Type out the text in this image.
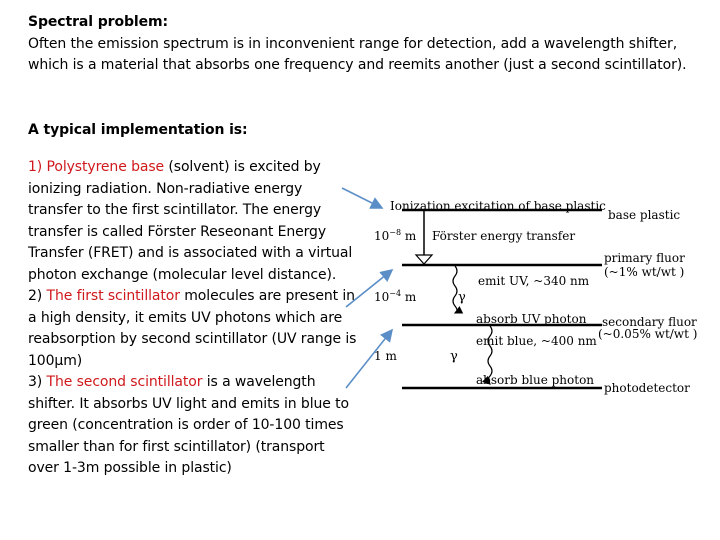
Spectral problem:
Often the emission spectrum is in inconvenient range for detection, add a wavelength shifter, which is a material that absorbs one frequency and reemits another (just a second scintillator).
A typical implementation is:
1) Polystyrene base (solvent) is excited by ionizing radiation. Non-radiative energy transfer to the first scintillator. The energy transfer is called Förster Reseonant Energy Transfer (FRET) and is associated with a virtual photon exchange (molecular level distance).
2) The first scintillator molecules are present in a high density, it emits UV photons which are reabsorption by second scintillator (UV range is 100µm)
3) The second scintillator is a wavelength shifter. It absorbs UV light and emits in blue to green (concentration is order of 10-100 times smaller than for first scintillator) (transport over 1-3m possible in plastic)
Ionization excitation of base plastic
Förster energy transfer
emit UV, ~340 nm
absorb UV photon
emit blue, ~400 nm
absorb blue photon
$10^{-8}$ m
$10^{-4}$ m
1 m
γ
γ
base plastic
primary fluor
(~1% wt/wt )
secondary fluor
(~0.05% wt/wt )
photodetector
